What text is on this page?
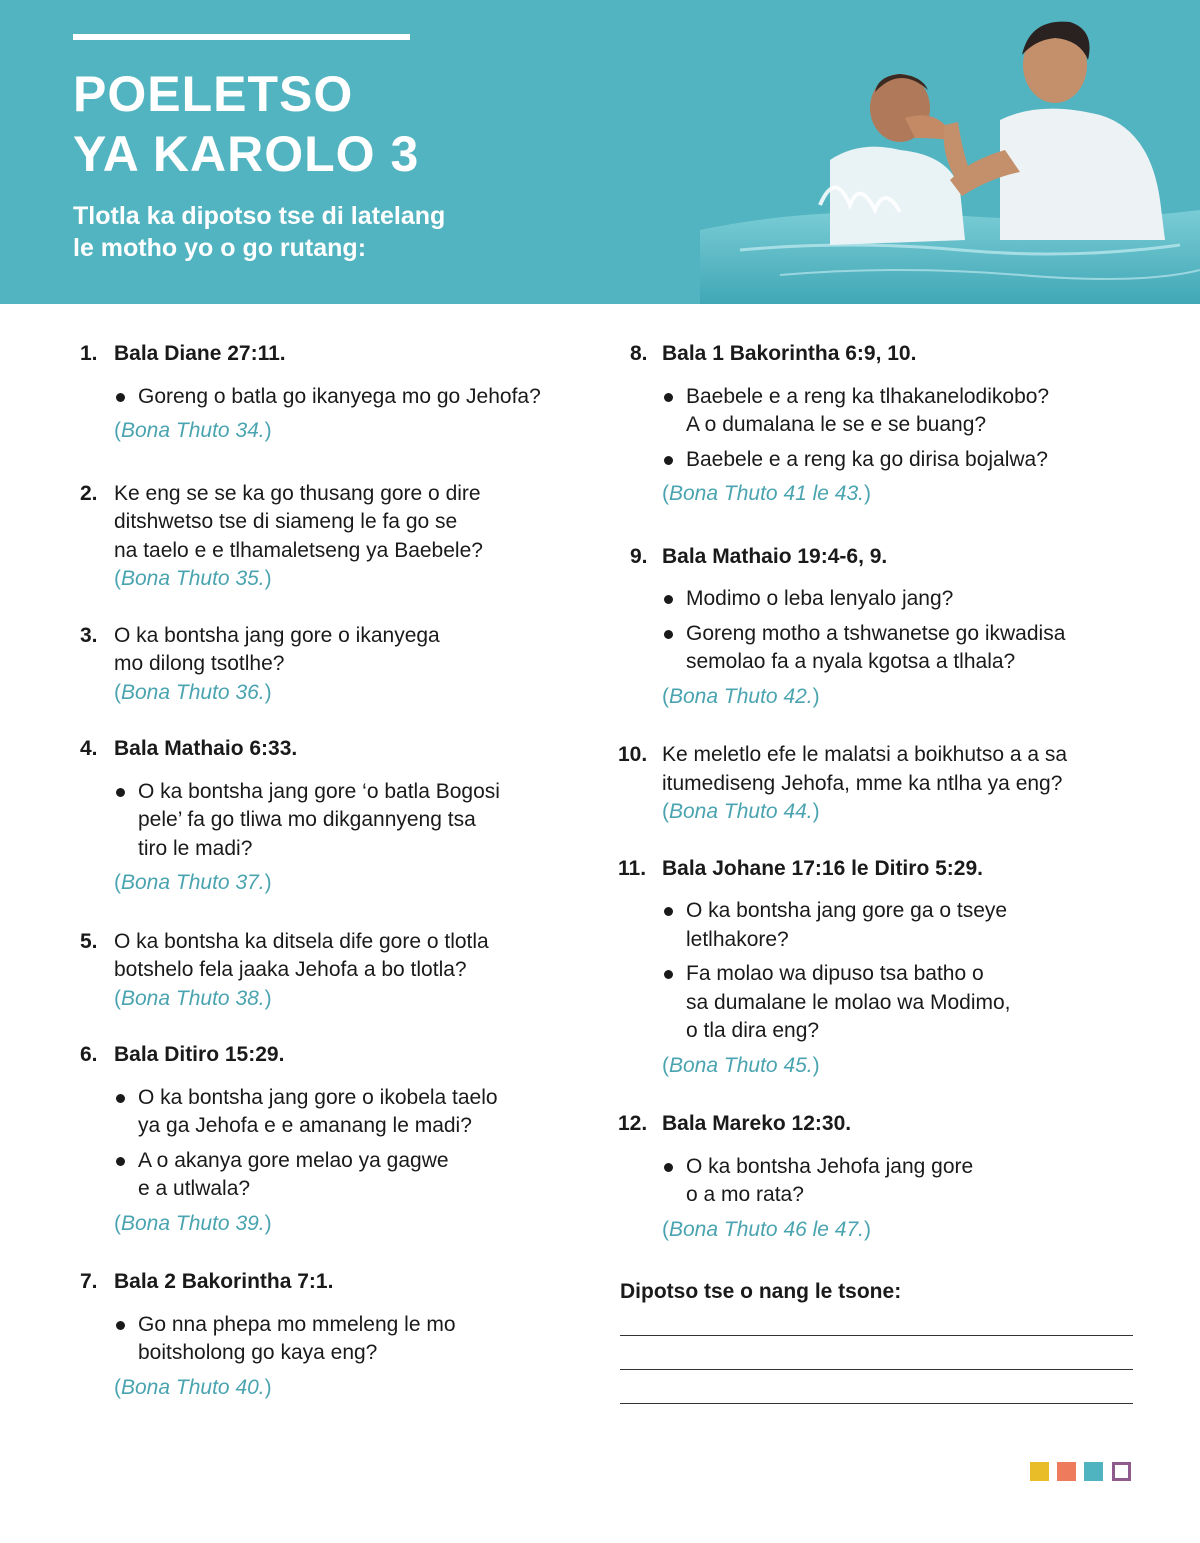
POELETSO
YA KAROLO 3

Tlotla ka dipotso tse di latelang
le motho yo o go rutang:

1. Bala Diane 27:11.
Goreng o batla go ikanyega mo go Jehofa?
(Bona Thuto 34.)
2. Ke eng se se ka go thusang gore o dire
ditshwetso tse di siameng le fa go se
na taelo e e tlhamaletseng ya Baebele?
(Bona Thuto 35.)
3. O ka bontsha jang gore o ikanyega
mo dilong tsotlhe?
(Bona Thuto 36.)
4. Bala Mathaio 6:33.
O ka bontsha jang gore ‘o batla Bogosi
pele’ fa go tliwa mo dikgannyeng tsa
tiro le madi?
(Bona Thuto 37.)
5. O ka bontsha ka ditsela dife gore o tlotla
botshelo fela jaaka Jehofa a bo tlotla?
(Bona Thuto 38.)
6. Bala Ditiro 15:29.
O ka bontsha jang gore o ikobela taelo
ya ga Jehofa e e amanang le madi?
A o akanya gore melao ya gagwe
e a utlwala?
(Bona Thuto 39.)
7. Bala 2 Bakorintha 7:1.
Go nna phepa mo mmeleng le mo
boitsholong go kaya eng?
(Bona Thuto 40.)
8. Bala 1 Bakorintha 6:9, 10.
Baebele e a reng ka tlhakanelodikobo?
A o dumalana le se e se buang?
Baebele e a reng ka go dirisa bojalwa?
(Bona Thuto 41 le 43.)
9. Bala Mathaio 19:4-6, 9.
Modimo o leba lenyalo jang?
Goreng motho a tshwanetse go ikwadisa
semolao fa a nyala kgotsa a tlhala?
(Bona Thuto 42.)
10. Ke meletlo efe le malatsi a boikhutso a a sa
itumediseng Jehofa, mme ka ntlha ya eng?
(Bona Thuto 44.)
11. Bala Johane 17:16 le Ditiro 5:29.
O ka bontsha jang gore ga o tseye
letlhakore?
Fa molao wa dipuso tsa batho o
sa dumalane le molao wa Modimo,
o tla dira eng?
(Bona Thuto 45.)
12. Bala Mareko 12:30.
O ka bontsha Jehofa jang gore
o a mo rata?
(Bona Thuto 46 le 47.)
Dipotso tse o nang le tsone:
